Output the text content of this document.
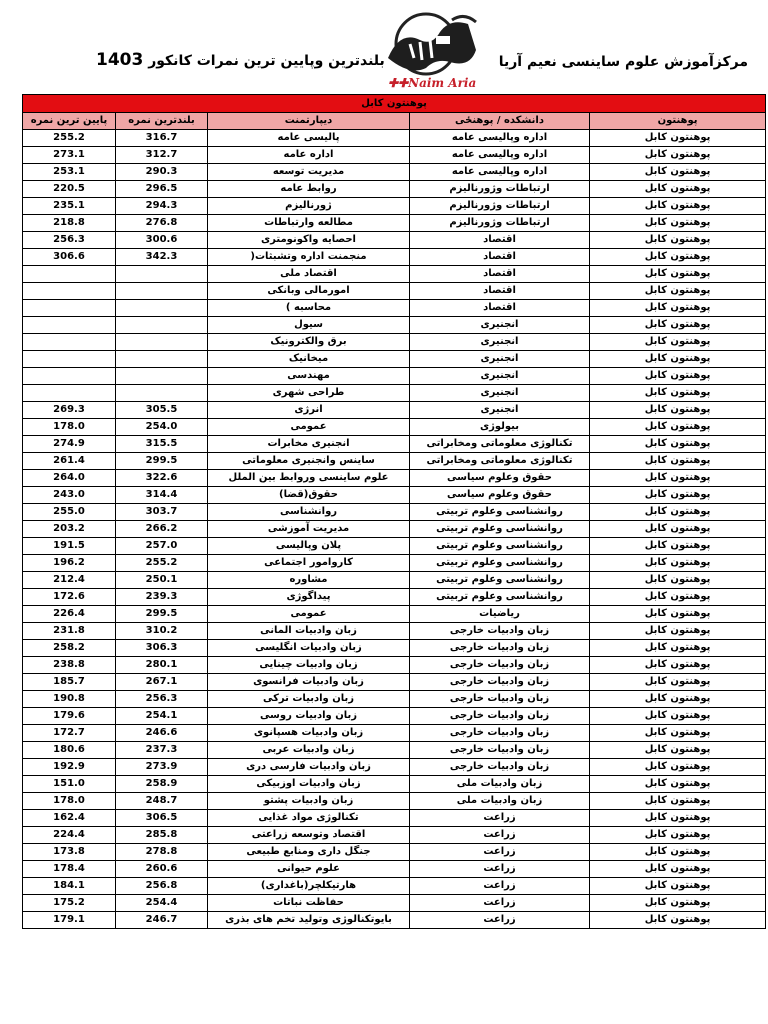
بلندترین وپایین ترین نمرات کانکور 1403
✚✚Naim Aria
مرکزآموزش علوم ساینسی نعیم آریا
پوهنتون کابل				
پایین ترین نمره	بلندترین نمره	دیپارتمنت	دانشکده / پوهنځی	پوهنتون
255.2	316.7	پالیسی عامه	اداره وپالیسی عامه	پوهنتون کابل
273.1	312.7	اداره عامه	اداره وپالیسی عامه	پوهنتون کابل
253.1	290.3	مدیریت توسعه	اداره وپالیسی عامه	پوهنتون کابل
220.5	296.5	روابط عامه	ارتباطات وژورنالیزم	پوهنتون کابل
235.1	294.3	ژورنالیزم	ارتباطات وژورنالیزم	پوهنتون کابل
218.8	276.8	مطالعه وارتباطات	ارتباطات وژورنالیزم	پوهنتون کابل
256.3	300.6	احصایه واکونومتری	اقتصاد	پوهنتون کابل
306.6	342.3	منجمنت اداره وتشبثات(	اقتصاد	پوهنتون کابل
		اقتصاد ملی	اقتصاد	پوهنتون کابل
		امورمالی وبانکی	اقتصاد	پوهنتون کابل
		محاسبه )	اقتصاد	پوهنتون کابل
		سیول	انجنیری	پوهنتون کابل
		برق والکترونیک	انجنیری	پوهنتون کابل
		میخانیک	انجنیری	پوهنتون کابل
		مهندسی	انجنیری	پوهنتون کابل
		طراحی شهری	انجنیری	پوهنتون کابل
269.3	305.5	انرژی	انجنیری	پوهنتون کابل
178.0	254.0	عمومی	بیولوژی	پوهنتون کابل
274.9	315.5	انجنیری مخابرات	تکنالوژی معلوماتی ومخابراتی	پوهنتون کابل
261.4	299.5	ساینس وانجنیری معلوماتی	تکنالوژی معلوماتی ومخابراتی	پوهنتون کابل
264.0	322.6	علوم ساینسی وروابط بین الملل	حقوق وعلوم سیاسی	پوهنتون کابل
243.0	314.4	حقوق(قضا)	حقوق وعلوم سیاسی	پوهنتون کابل
255.0	303.7	روانشناسی	روانشناسی وعلوم تربیتی	پوهنتون کابل
203.2	266.2	مدیریت آموزشی	روانشناسی وعلوم تربیتی	پوهنتون کابل
191.5	257.0	پلان وپالیسی	روانشناسی وعلوم تربیتی	پوهنتون کابل
196.2	255.2	کاروامور اجتماعی	روانشناسی وعلوم تربیتی	پوهنتون کابل
212.4	250.1	مشاوره	روانشناسی وعلوم تربیتی	پوهنتون کابل
172.6	239.3	پیداگوژی	روانشناسی وعلوم تربیتی	پوهنتون کابل
226.4	299.5	عمومی	ریاضیات	پوهنتون کابل
231.8	310.2	زبان وادبیات المانی	زبان وادبیات خارجی	پوهنتون کابل
258.2	306.3	زبان وادبیات انگلیسی	زبان وادبیات خارجی	پوهنتون کابل
238.8	280.1	زبان وادبیات چینایی	زبان وادبیات خارجی	پوهنتون کابل
185.7	267.1	زبان وادبیات فرانسوی	زبان وادبیات خارجی	پوهنتون کابل
190.8	256.3	زبان وادبیات ترکی	زبان وادبیات خارجی	پوهنتون کابل
179.6	254.1	زبان وادبیات روسی	زبان وادبیات خارجی	پوهنتون کابل
172.7	246.6	زبان وادبیات هسپانوی	زبان وادبیات خارجی	پوهنتون کابل
180.6	237.3	زبان وادبیات عربی	زبان وادبیات خارجی	پوهنتون کابل
192.9	273.9	زبان وادبیات فارسی دری	زبان وادبیات خارجی	پوهنتون کابل
151.0	258.9	زبان وادبیات اوزبیکی	زبان وادبیات ملی	پوهنتون کابل
178.0	248.7	زبان وادبیات پشتو	زبان وادبیات ملی	پوهنتون کابل
162.4	306.5	تکنالوژی مواد غذایی	زراعت	پوهنتون کابل
224.4	285.8	اقتصاد وتوسعه زراعتی	زراعت	پوهنتون کابل
173.8	278.8	جنگل داری ومنابع طبیعی	زراعت	پوهنتون کابل
178.4	260.6	علوم حیوانی	زراعت	پوهنتون کابل
184.1	256.8	هارتیکلچر(باغداری)	زراعت	پوهنتون کابل
175.2	254.4	حفاظت نباتات	زراعت	پوهنتون کابل
179.1	246.7	بایوتکنالوژی وتولید تخم های بذری	زراعت	پوهنتون کابل
